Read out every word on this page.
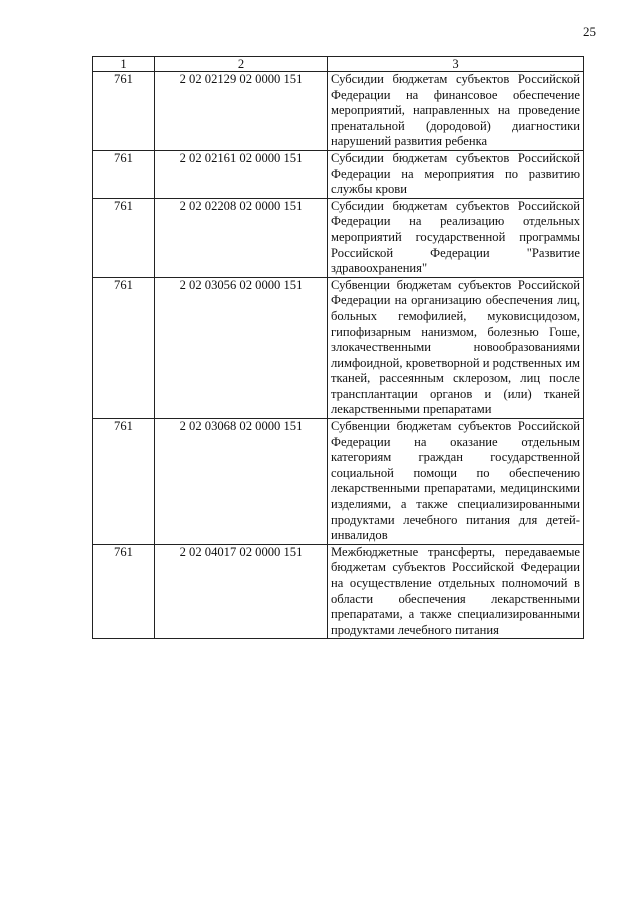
25
1	2	3
761	2 02 02129 02 0000 151	Субсидии бюджетам субъектов Российской Федерации на финансовое обеспечение мероприятий, направленных на проведение пренатальной (дородовой) диагностики нарушений развития ребенка
761	2 02 02161 02 0000 151	Субсидии бюджетам субъектов Российской Федерации на мероприятия по развитию службы крови
761	2 02 02208 02 0000 151	Субсидии бюджетам субъектов Российской Федерации на реализацию отдельных мероприятий государственной программы Российской Федерации "Развитие здравоохранения"
761	2 02 03056 02 0000 151	Субвенции бюджетам субъектов Российской Федерации на организацию обеспечения лиц, больных гемофилией, муковисцидозом, гипофизарным нанизмом, болезнью Гоше, злокачественными новообразованиями лимфоидной, кроветворной и родственных им тканей, рассеянным склерозом, лиц после трансплантации органов и (или) тканей лекарственными препаратами
761	2 02 03068 02 0000 151	Субвенции бюджетам субъектов Российской Федерации на оказание отдельным категориям граждан государственной социальной помощи по обеспечению лекарственными препаратами, медицинскими изделиями, а также специализированными продуктами лечебного питания для детей-инвалидов
761	2 02 04017 02 0000 151	Межбюджетные трансферты, передаваемые бюджетам субъектов Российской Федерации на осуществление отдельных полномочий в области обеспечения лекарственными препаратами, а также специализированными продуктами лечебного питания
